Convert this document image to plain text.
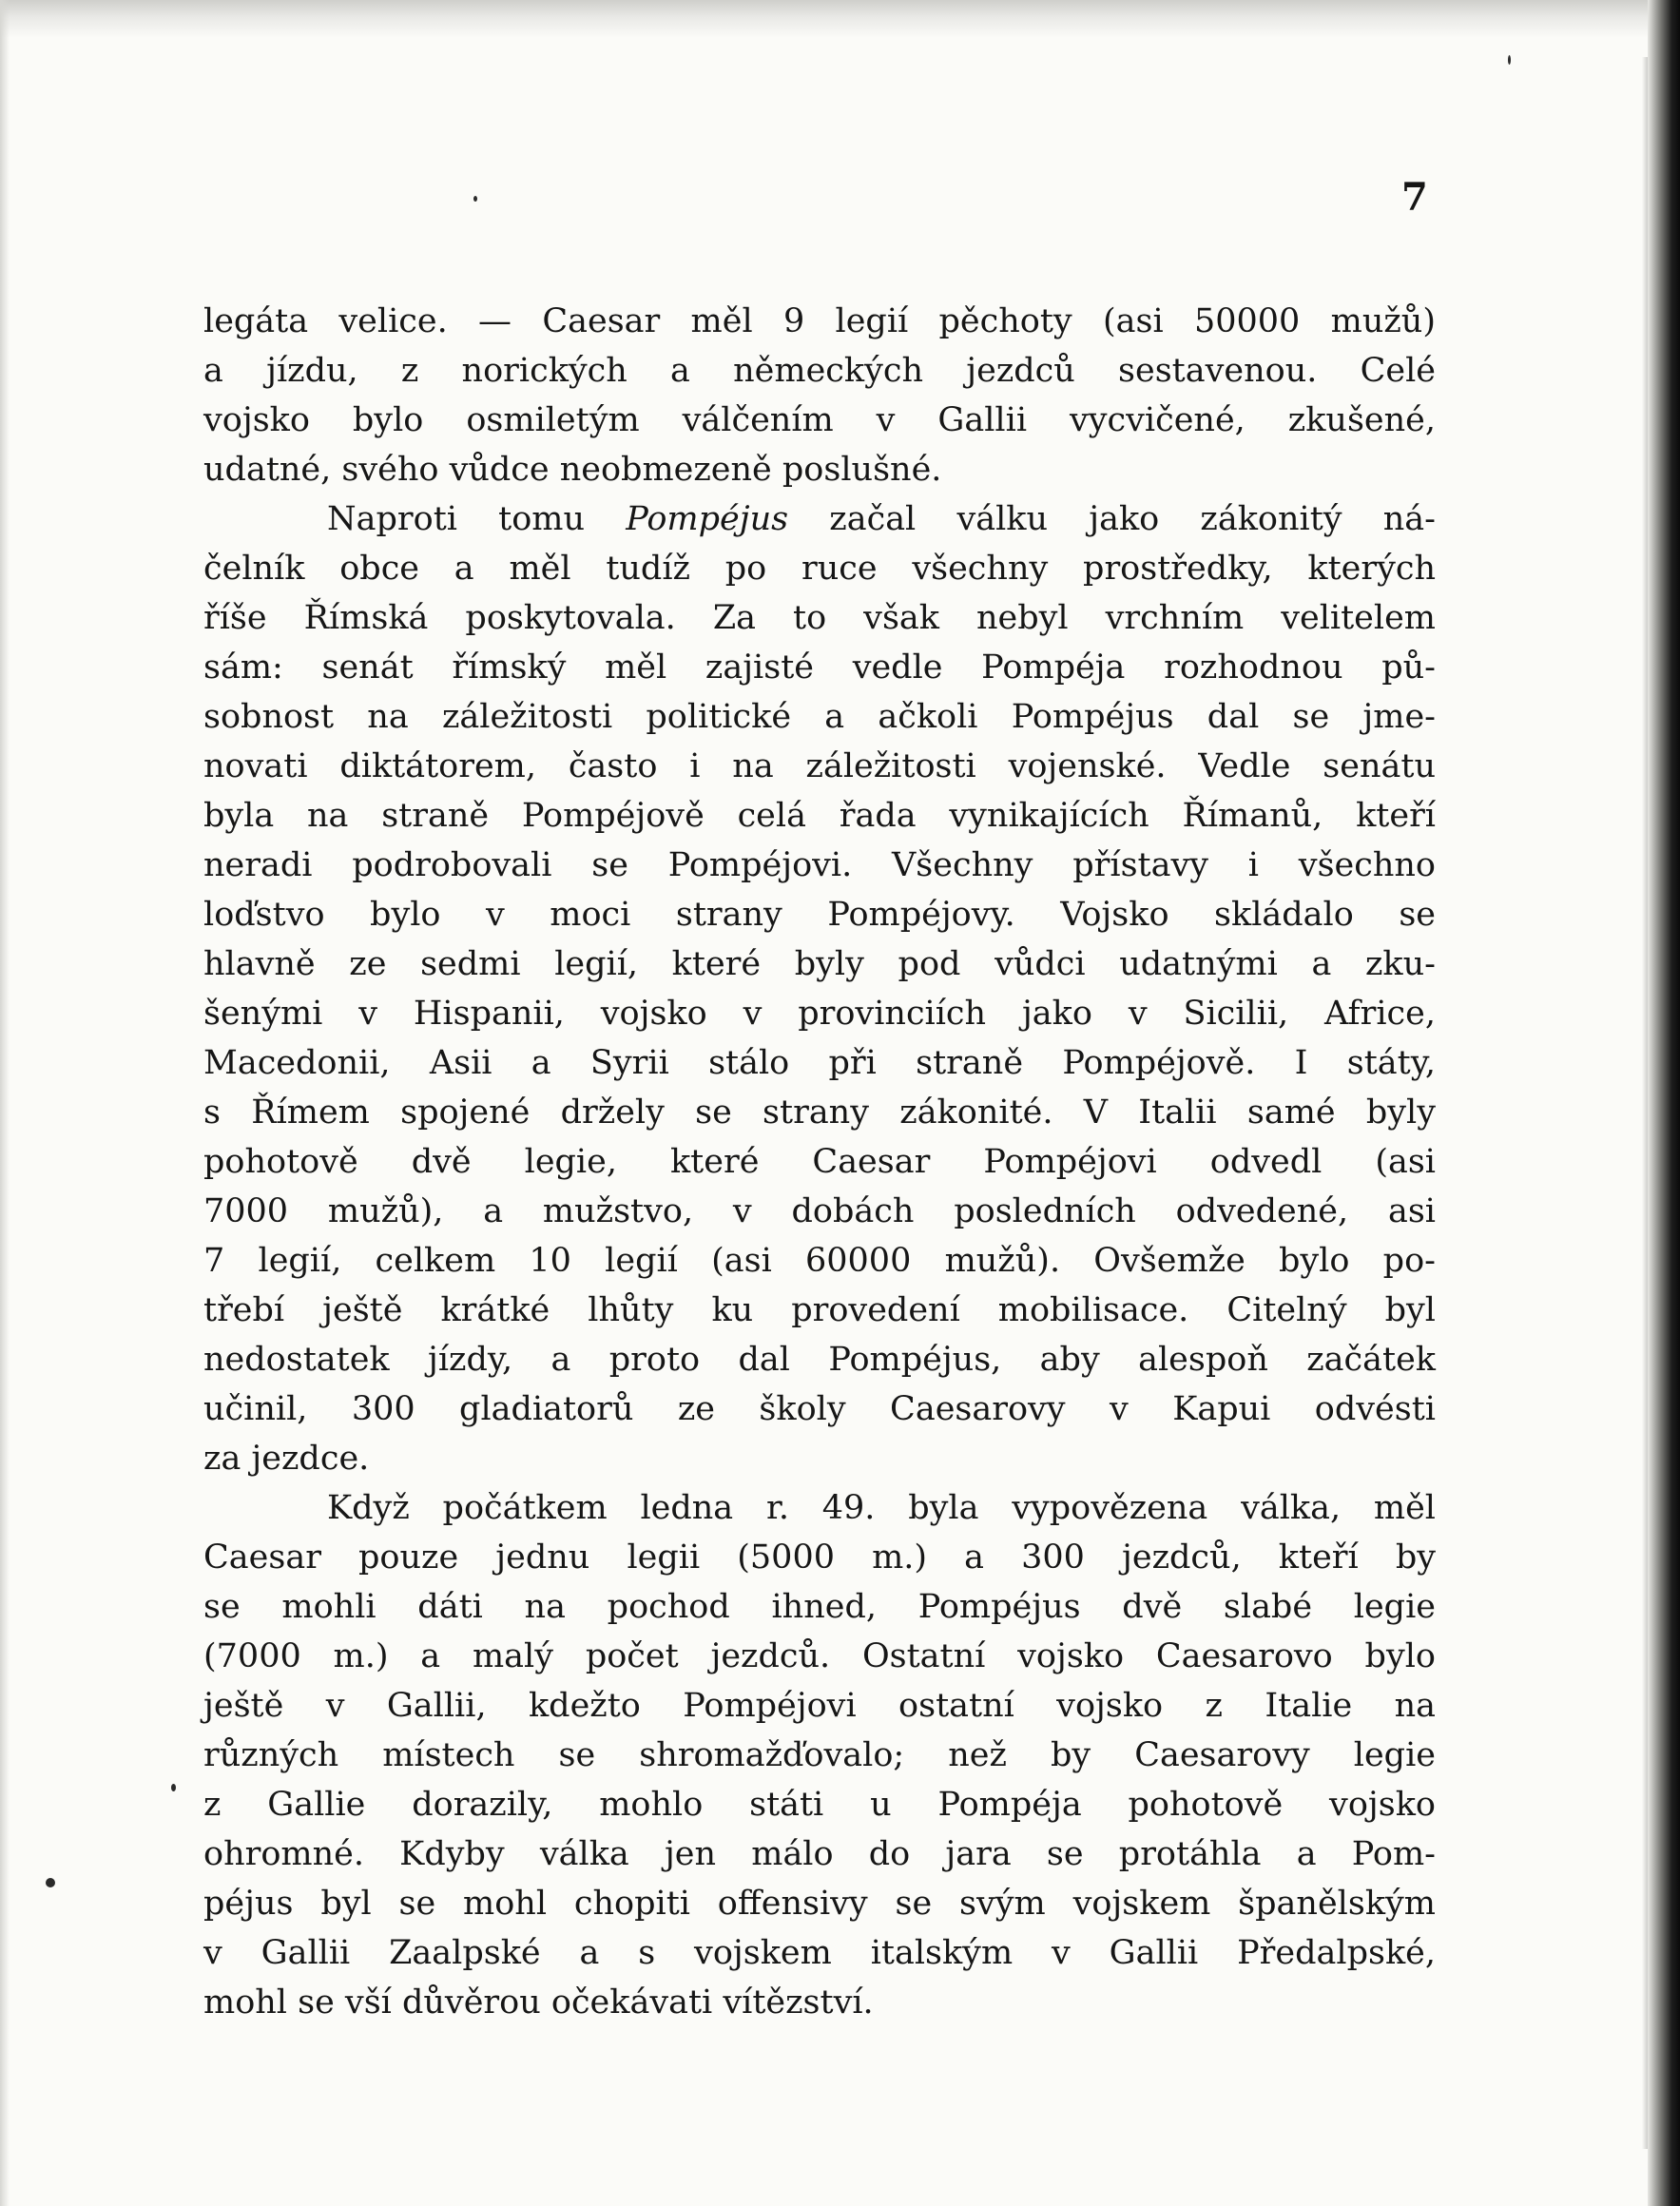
7
legáta velice. — Caesar měl 9 legií pěchoty (asi 50000 mužů)
a jízdu, z norických a německých jezdců sestavenou. Celé
vojsko bylo osmiletým válčením v Gallii vycvičené, zkušené,
udatné, svého vůdce neobmezeně poslušné.
Naproti tomu Pompéjus začal válku jako zákonitý ná-
čelník obce a měl tudíž po ruce všechny prostředky, kterých
říše Římská poskytovala. Za to však nebyl vrchním velitelem
sám: senát římský měl zajisté vedle Pompéja rozhodnou pů-
sobnost na záležitosti politické a ačkoli Pompéjus dal se jme-
novati diktátorem, často i na záležitosti vojenské. Vedle senátu
byla na straně Pompéjově celá řada vynikajících Římanů, kteří
neradi podrobovali se Pompéjovi. Všechny přístavy i všechno
loďstvo bylo v moci strany Pompéjovy. Vojsko skládalo se
hlavně ze sedmi legií, které byly pod vůdci udatnými a zku-
šenými v Hispanii, vojsko v provinciích jako v Sicilii, Africe,
Macedonii, Asii a Syrii stálo při straně Pompéjově. I státy,
s Římem spojené držely se strany zákonité. V Italii samé byly
pohotově dvě legie, které Caesar Pompéjovi odvedl (asi
7000 mužů), a mužstvo, v dobách posledních odvedené, asi
7 legií, celkem 10 legií (asi 60000 mužů). Ovšemže bylo po-
třebí ještě krátké lhůty ku provedení mobilisace. Citelný byl
nedostatek jízdy, a proto dal Pompéjus, aby alespoň začátek
učinil, 300 gladiatorů ze školy Caesarovy v Kapui odvésti
za jezdce.
Když počátkem ledna r. 49. byla vypovězena válka, měl
Caesar pouze jednu legii (5000 m.) a 300 jezdců, kteří by
se mohli dáti na pochod ihned, Pompéjus dvě slabé legie
(7000 m.) a malý počet jezdců. Ostatní vojsko Caesarovo bylo
ještě v Gallii, kdežto Pompéjovi ostatní vojsko z Italie na
různých místech se shromažďovalo; než by Caesarovy legie
z Gallie dorazily, mohlo státi u Pompéja pohotově vojsko
ohromné. Kdyby válka jen málo do jara se protáhla a Pom-
péjus byl se mohl chopiti offensivy se svým vojskem španělským
v Gallii Zaalpské a s vojskem italským v Gallii Předalpské,
mohl se vší důvěrou očekávati vítězství.
